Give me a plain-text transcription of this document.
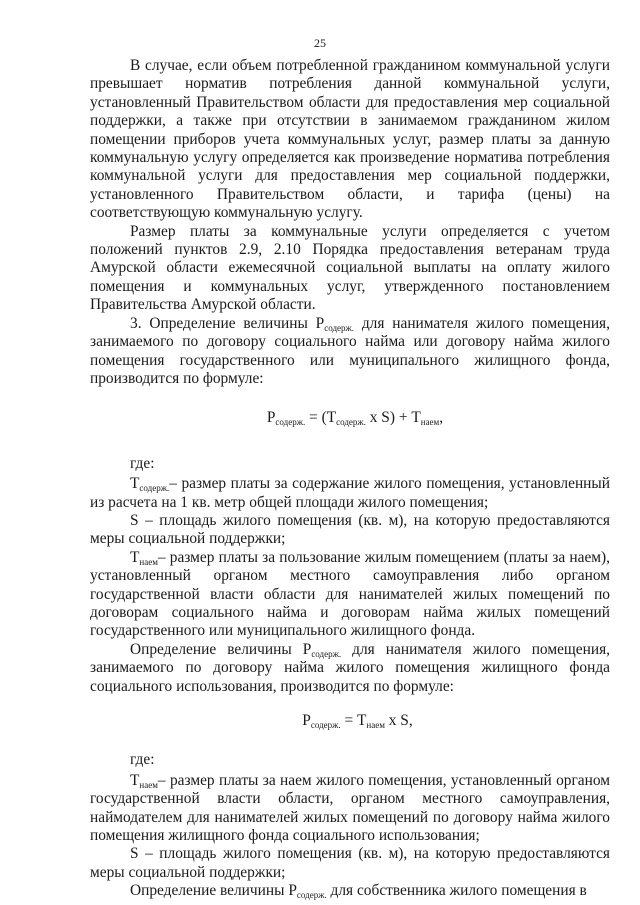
25

В случае, если объем потребленной гражданином коммунальной услуги превышает норматив потребления данной коммунальной услуги, установленный Правительством области для предоставления мер социальной поддержки, а также при отсутствии в занимаемом гражданином жилом помещении приборов учета коммунальных услуг, размер платы за данную коммунальную услугу определяется как произведение норматива потребления коммунальной услуги для предоставления мер социальной поддержки, установленного Правительством области, и тарифа (цены) на соответствующую коммунальную услугу.

Размер платы за коммунальные услуги определяется с учетом положений пунктов 2.9, 2.10 Порядка предоставления ветеранам труда Амурской области ежемесячной социальной выплаты на оплату жилого помещения и коммунальных услуг, утвержденного постановлением Правительства Амурской области.

3. Определение величины $Р_{содерж.}$ для нанимателя жилого помещения, занимаемого по договору социального найма или договору найма жилого помещения государственного или муниципального жилищного фонда, производится по формуле:

$Р_{содерж.} = (Т_{содерж.}$ х $S) + Т_{наем}$,

где:

$Т_{содерж.}-$ размер платы за содержание жилого помещения, установленный из расчета на 1 кв. метр общей площади жилого помещения;

S – площадь жилого помещения (кв. м), на которую предоставляются меры социальной поддержки;

$Т_{наем}-$ размер платы за пользование жилым помещением (платы за наем), установленный органом местного самоуправления либо органом государственной власти области для нанимателей жилых помещений по договорам социального найма и договорам найма жилых помещений государственного или муниципального жилищного фонда.

Определение величины $Р_{содерж.}$ для нанимателя жилого помещения, занимаемого по договору найма жилого помещения жилищного фонда социального использования, производится по формуле:

$Р_{содерж.} = Т_{наем}$ х S,

где:

$Т_{наем}-$ размер платы за наем жилого помещения, установленный органом государственной власти области, органом местного самоуправления, наймодателем для нанимателей жилых помещений по договору найма жилого помещения жилищного фонда социального использования;

S – площадь жилого помещения (кв. м), на которую предоставляются меры социальной поддержки;

Определение величины $Р_{содерж.}$ для собственника жилого помещения в
